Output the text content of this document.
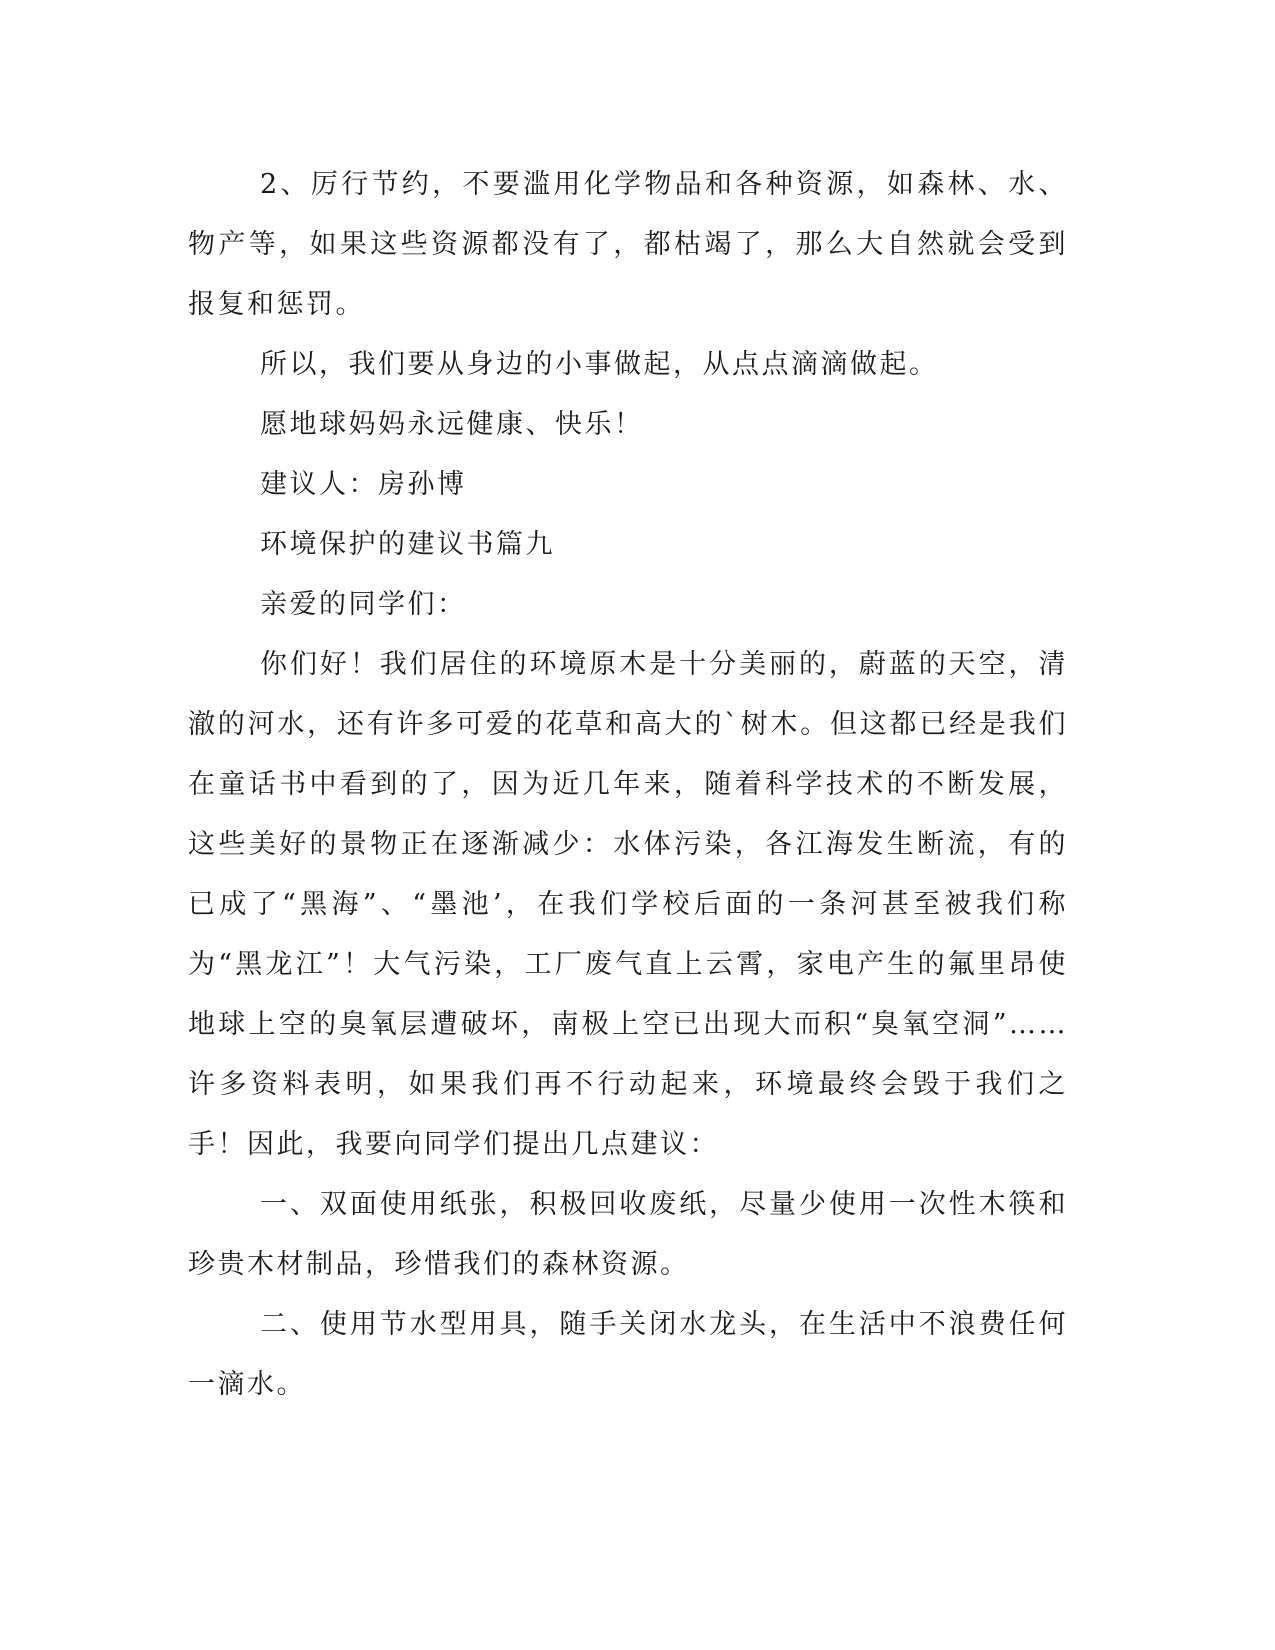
2、厉行节约，不要滥用化学物品和各种资源，如森林、水、物产等，如果这些资源都没有了，都枯竭了，那么大自然就会受到报复和惩罚。

所以，我们要从身边的小事做起，从点点滴滴做起。

愿地球妈妈永远健康、快乐！

建议人：房孙博

环境保护的建议书篇九

亲爱的同学们：

你们好！我们居住的环境原木是十分美丽的，蔚蓝的天空，清澈的河水，还有许多可爱的花草和高大的`树木。但这都已经是我们在童话书中看到的了，因为近几年来，随着科学技术的不断发展，这些美好的景物正在逐渐减少：水体污染，各江海发生断流，有的已成了“黑海”、“墨池’，在我们学校后面的一条河甚至被我们称为“黑龙江”！大气污染，工厂废气直上云霄，家电产生的氟里昂使地球上空的臭氧层遭破坏，南极上空已出现大而积“臭氧空洞”……许多资料表明，如果我们再不行动起来，环境最终会毁于我们之手！因此，我要向同学们提出几点建议：

一、双面使用纸张，积极回收废纸，尽量少使用一次性木筷和珍贵木材制品，珍惜我们的森林资源。

二、使用节水型用具，随手关闭水龙头，在生活中不浪费任何一滴水。
